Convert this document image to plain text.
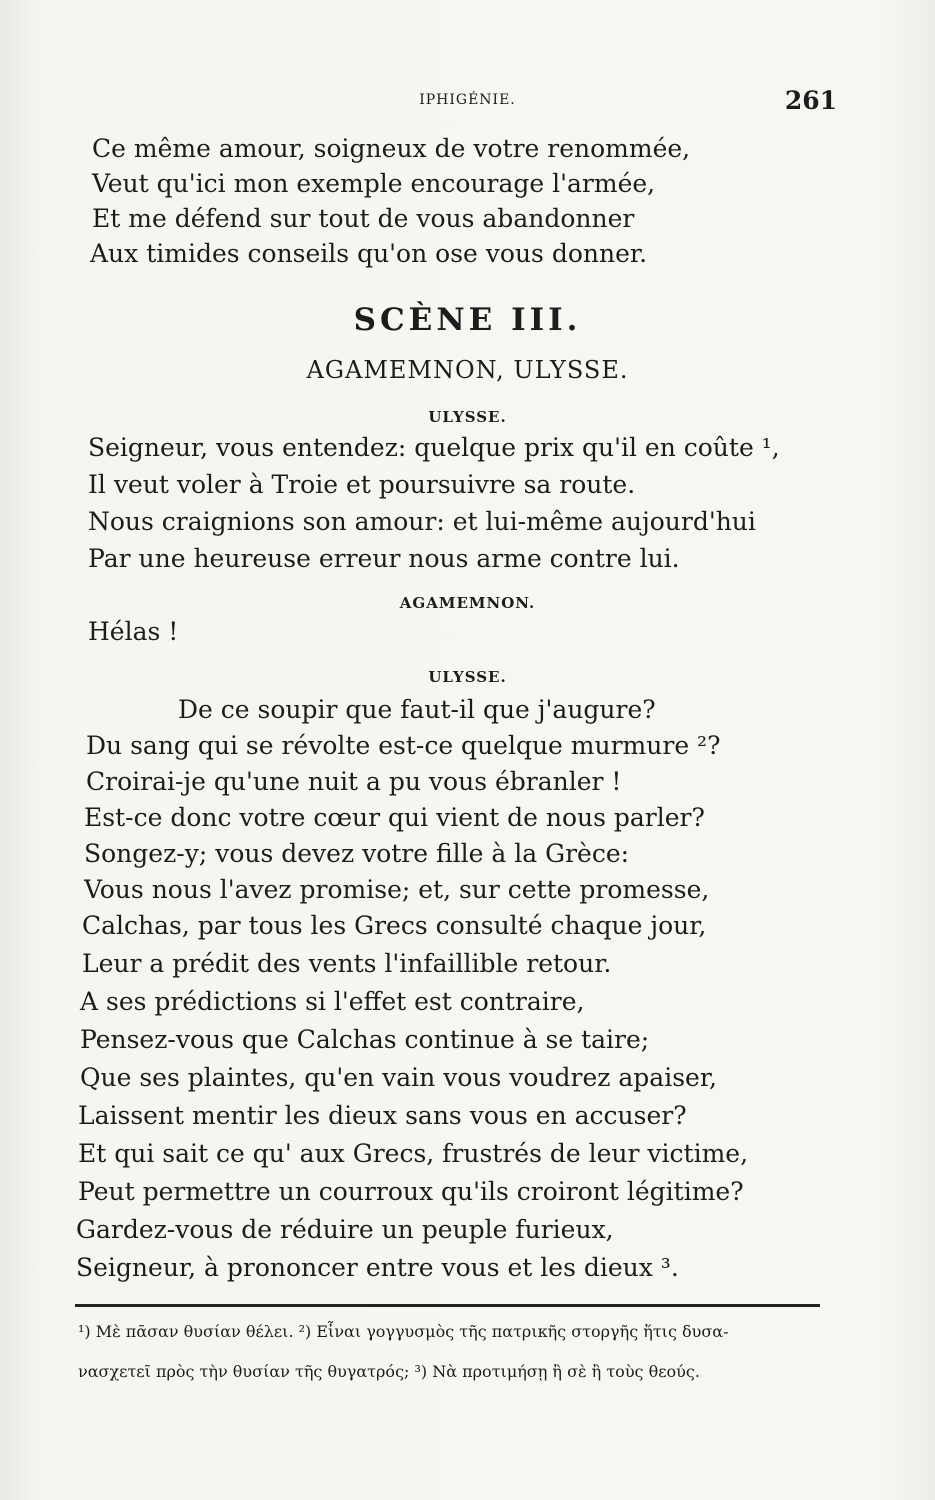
IPHIGÉNIE.	261
Ce même amour, soigneux de votre renommée,
Veut qu'ici mon exemple encourage l'armée,
Et me défend sur tout de vous abandonner
Aux timides conseils qu'on ose vous donner.
SCÈNE III.
AGAMEMNON, ULYSSE.
ULYSSE.
Seigneur, vous entendez: quelque prix qu'il en coûte ¹,
Il veut voler à Troie et poursuivre sa route.
Nous craignions son amour: et lui-même aujourd'hui
Par une heureuse erreur nous arme contre lui.
AGAMEMNON.
Hélas !
ULYSSE.
De ce soupir que faut-il que j'augure?
Du sang qui se révolte est-ce quelque murmure ²?
Croirai-je qu'une nuit a pu vous ébranler !
Est-ce donc votre cœur qui vient de nous parler?
Songez-y; vous devez votre fille à la Grèce:
Vous nous l'avez promise; et, sur cette promesse,
Calchas, par tous les Grecs consulté chaque jour,
Leur a prédit des vents l'infaillible retour.
A ses prédictions si l'effet est contraire,
Pensez-vous que Calchas continue à se taire;
Que ses plaintes, qu'en vain vous voudrez apaiser,
Laissent mentir les dieux sans vous en accuser?
Et qui sait ce qu' aux Grecs, frustrés de leur victime,
Peut permettre un courroux qu'ils croiront légitime?
Gardez-vous de réduire un peuple furieux,
Seigneur, à prononcer entre vous et les dieux ³.
¹) Μὲ πᾶσαν θυσίαν θέλει. ²) Εἶναι γογγυσμὸς τῆς πατρικῆς στοργῆς ἥτις δυσα-
νασχετεῖ πρὸς τὴν θυσίαν τῆς θυγατρός; ³) Νὰ προτιμήσῃ ἢ σὲ ἢ τοὺς θεούς.
